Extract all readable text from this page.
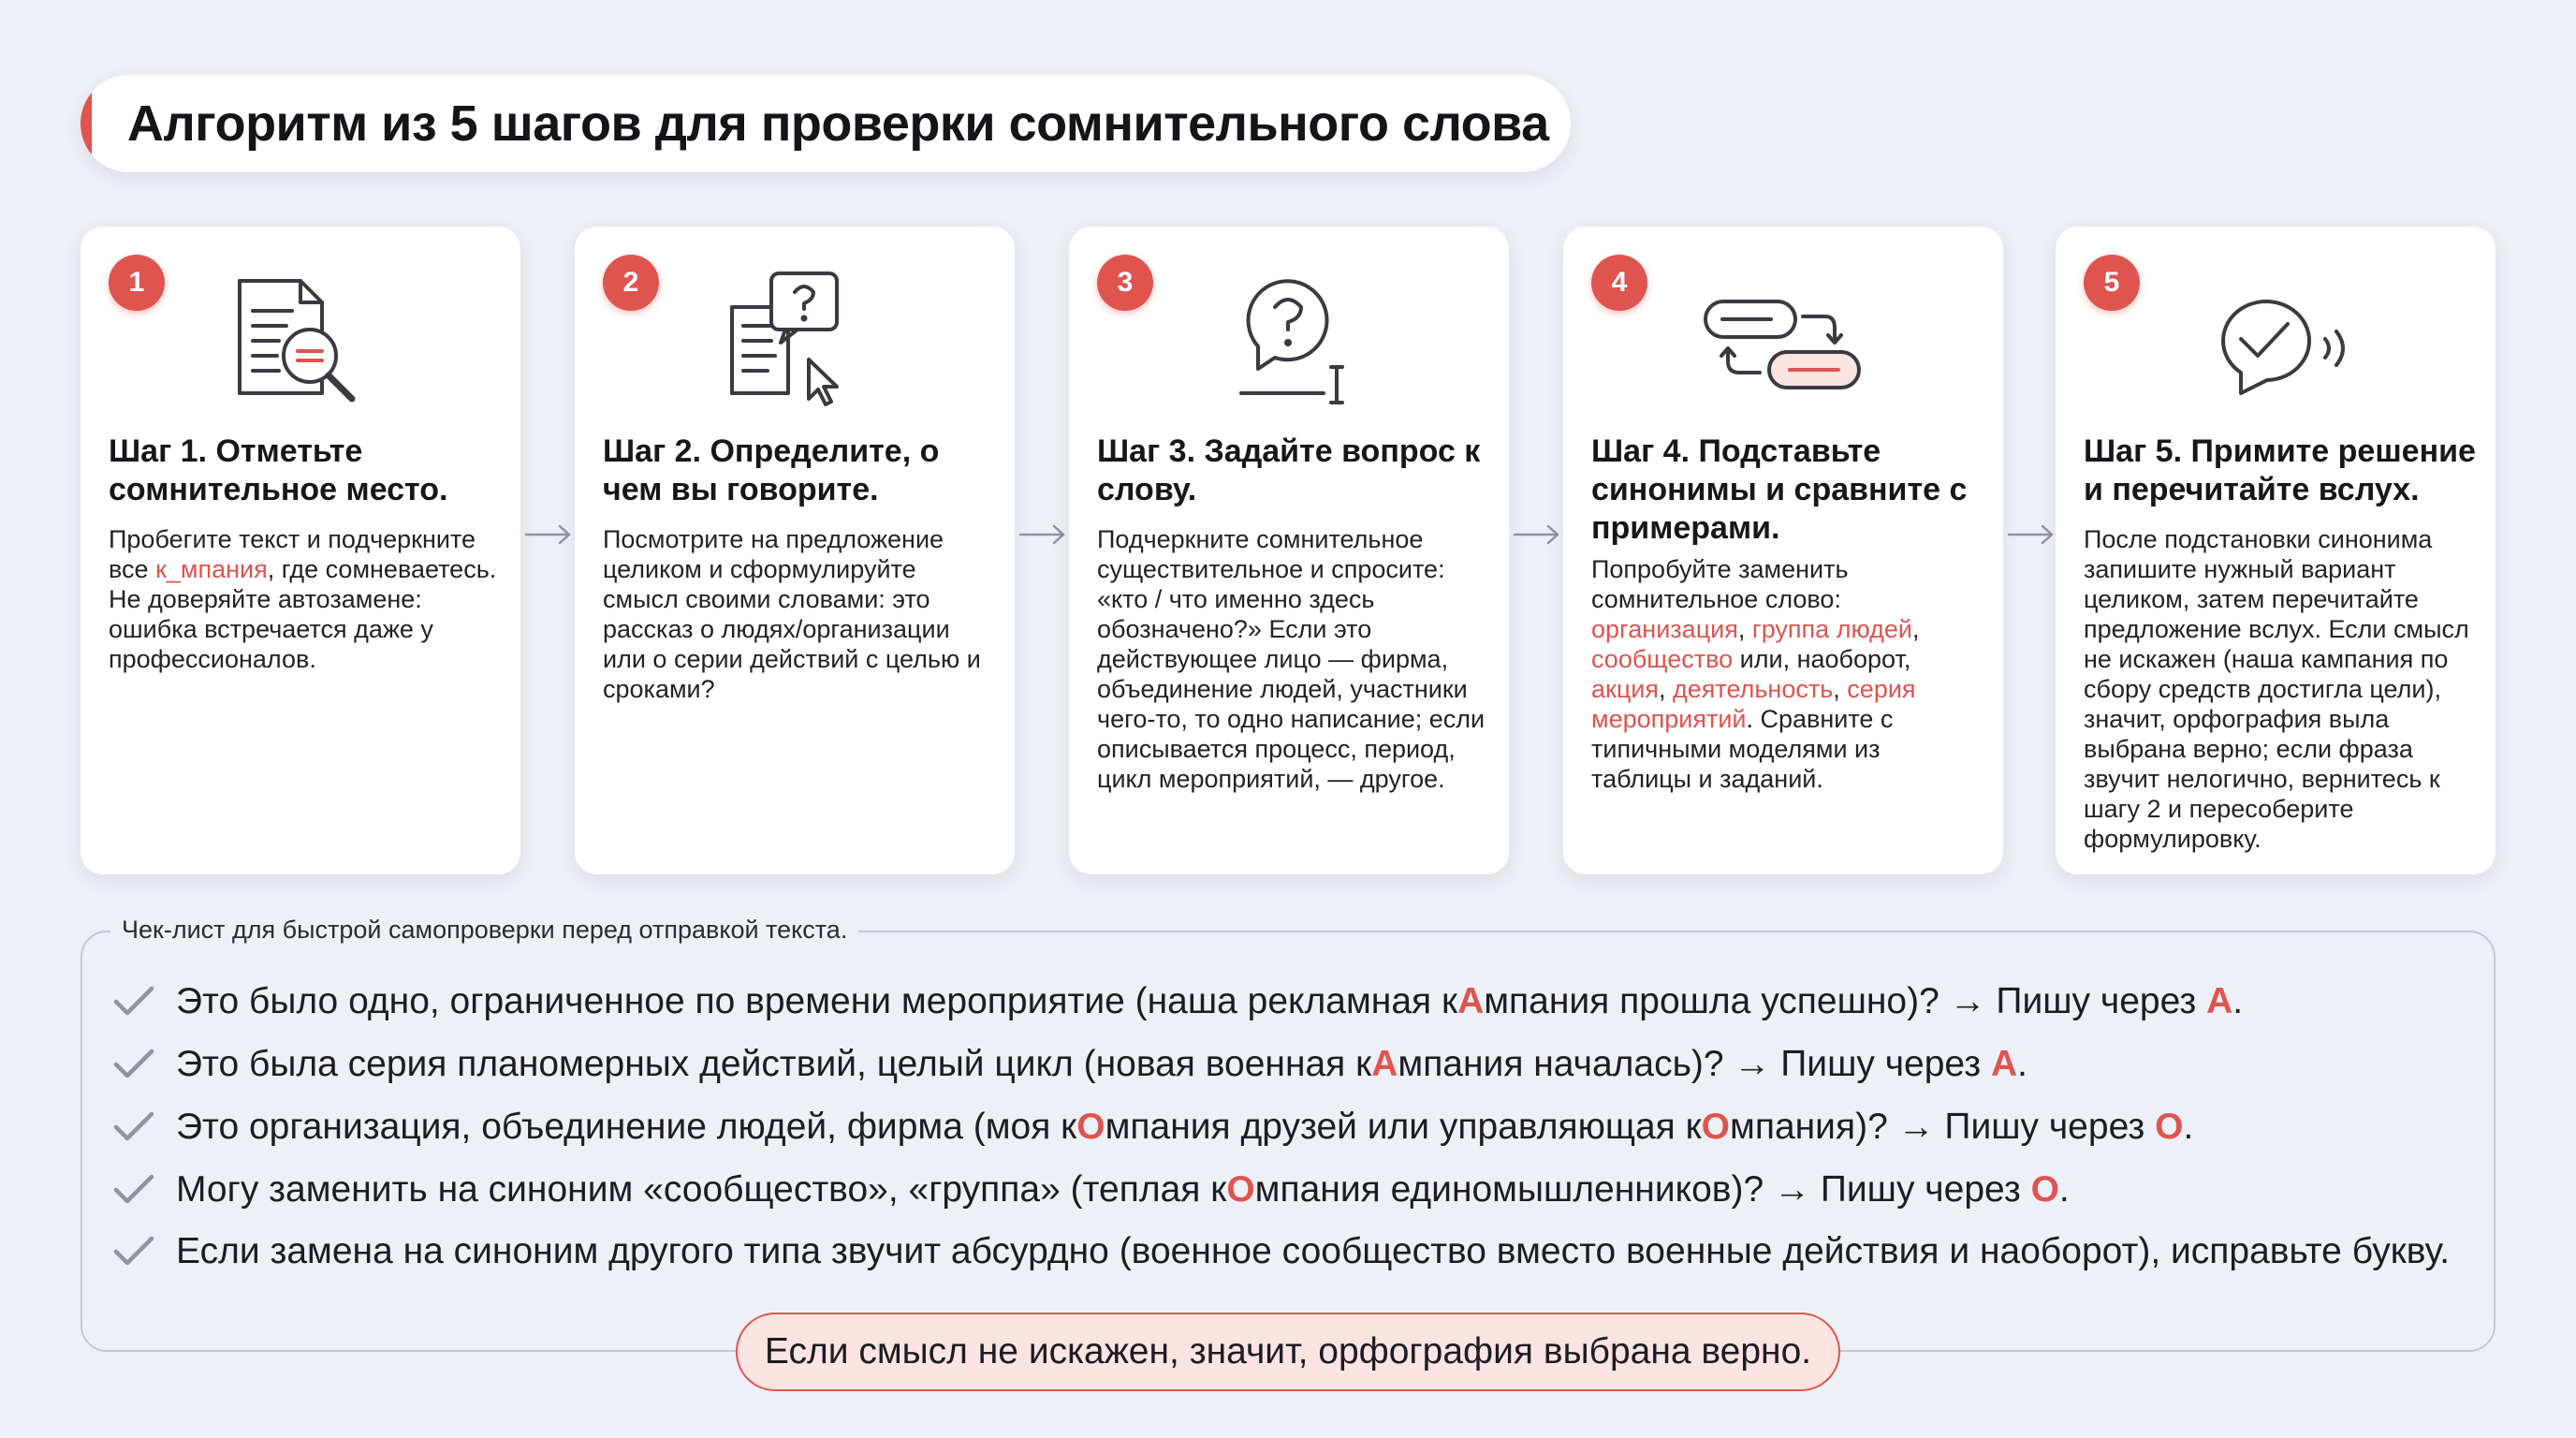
Алгоритм из 5 шагов для проверки сомнительного слова
1
Шаг 1. Отметьте сомнительное место.

Пробегите текст и подчеркните все к_мпания, где сомневаетесь. Не доверяйте автозамене: ошибка встречается даже у профессионалов.

2
Шаг 2. Определите, о чем вы говорите.

Посмотрите на предложение целиком и сформулируйте смысл своими словами: это рассказ о людях/организации или о серии действий с целью и сроками?

3
Шаг 3. Задайте вопрос к слову.

Подчеркните сомнительное существительное и спросите: «кто / что именно здесь обозначено?» Если это действующее лицо — фирма, объединение людей, участники чего-то, то одно написание; если описывается процесс, период, цикл мероприятий, — другое.

4
Шаг 4. Подставьте синонимы и сравните с примерами.

Попробуйте заменить сомнительное слово: организация, группа людей, сообщество или, наоборот, акция, деятельность, серия мероприятий. Сравните с типичными моделями из таблицы и заданий.

5
Шаг 5. Примите решение и перечитайте вслух.

После подстановки синонима запишите нужный вариант целиком, затем перечитайте предложение вслух. Если смысл не искажен (наша кампания по сбору средств достигла цели), значит, орфография выла выбрана верно; если фраза звучит нелогично, вернитесь к шагу 2 и пересоберите формулировку.

Чек-лист для быстрой самопроверки перед отправкой текста.
Это было одно, ограниченное по времени мероприятие (наша рекламная кАмпания прошла успешно)? → Пишу через А.
Это была серия планомерных действий, целый цикл (новая военная кАмпания началась)? → Пишу через А.
Это организация, объединение людей, фирма (моя кОмпания друзей или управляющая кОмпания)? → Пишу через О.
Могу заменить на синоним «сообщество», «группа» (теплая кОмпания единомышленников)? → Пишу через О.
Если замена на синоним другого типа звучит абсурдно (военное сообщество вместо военные действия и наоборот), исправьте букву.
Если смысл не искажен, значит, орфография выбрана верно.
